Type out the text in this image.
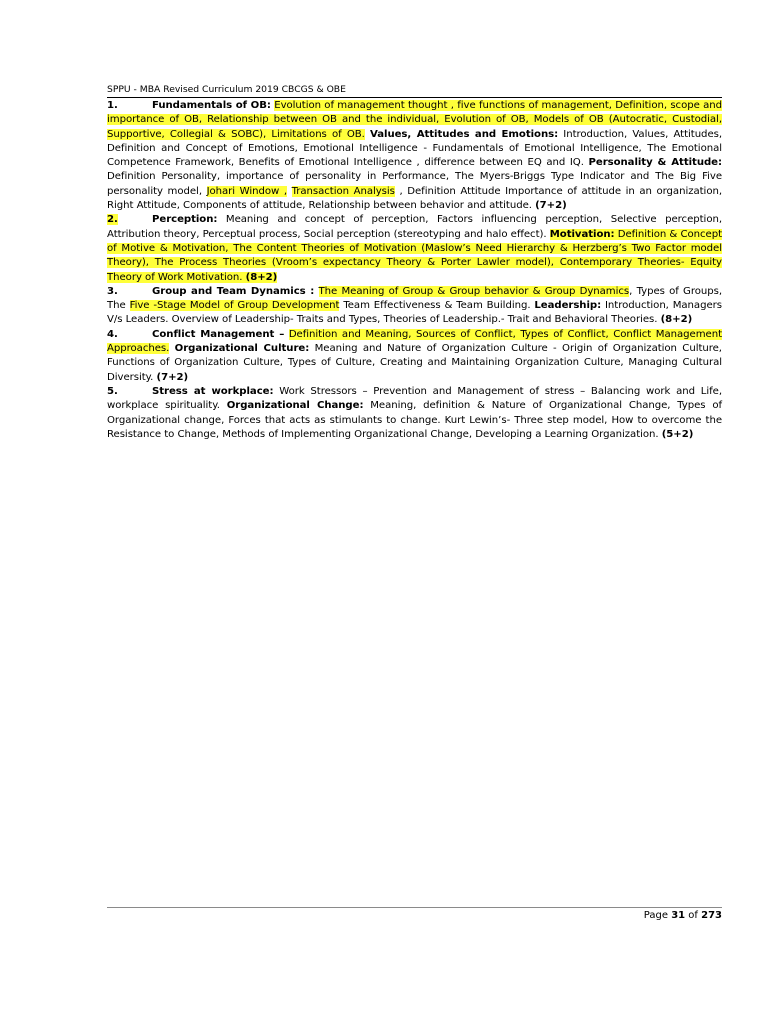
SPPU - MBA Revised Curriculum 2019 CBCGS & OBE

1.	Fundamentals of OB: Evolution of management thought , five functions of management, Definition, scope and importance of OB, Relationship between OB and the individual, Evolution of OB, Models of OB (Autocratic, Custodial, Supportive, Collegial & SOBC), Limitations of OB. Values, Attitudes and Emotions: Introduction, Values, Attitudes, Definition and Concept of Emotions, Emotional Intelligence - Fundamentals of Emotional Intelligence, The Emotional Competence Framework, Benefits of Emotional Intelligence , difference between EQ and IQ. Personality & Attitude: Definition Personality, importance of personality in Performance, The Myers-Briggs Type Indicator and The Big Five personality model, Johari Window , Transaction Analysis , Definition Attitude Importance of attitude in an organization, Right Attitude, Components of attitude, Relationship between behavior and attitude. (7+2)

2.	Perception: Meaning and concept of perception, Factors influencing perception, Selective perception, Attribution theory, Perceptual process, Social perception (stereotyping and halo effect). Motivation: Definition & Concept of Motive & Motivation, The Content Theories of Motivation (Maslow’s Need Hierarchy & Herzberg’s Two Factor model Theory), The Process Theories (Vroom’s expectancy Theory & Porter Lawler model), Contemporary Theories- Equity Theory of Work Motivation. (8+2)

3.	Group and Team Dynamics : The Meaning of Group & Group behavior & Group Dynamics, Types of Groups, The Five -Stage Model of Group Development Team Effectiveness & Team Building. Leadership: Introduction, Managers V/s Leaders. Overview of Leadership- Traits and Types, Theories of Leadership.- Trait and Behavioral Theories. (8+2)

4.	Conflict Management – Definition and Meaning, Sources of Conflict, Types of Conflict, Conflict Management Approaches. Organizational Culture: Meaning and Nature of Organization Culture - Origin of Organization Culture, Functions of Organization Culture, Types of Culture, Creating and Maintaining Organization Culture, Managing Cultural Diversity. (7+2)

5.	Stress at workplace: Work Stressors – Prevention and Management of stress – Balancing work and Life, workplace spirituality. Organizational Change: Meaning, definition & Nature of Organizational Change, Types of Organizational change, Forces that acts as stimulants to change. Kurt Lewin’s- Three step model, How to overcome the Resistance to Change, Methods of Implementing Organizational Change, Developing a Learning Organization. (5+2)

Page 31 of 273
